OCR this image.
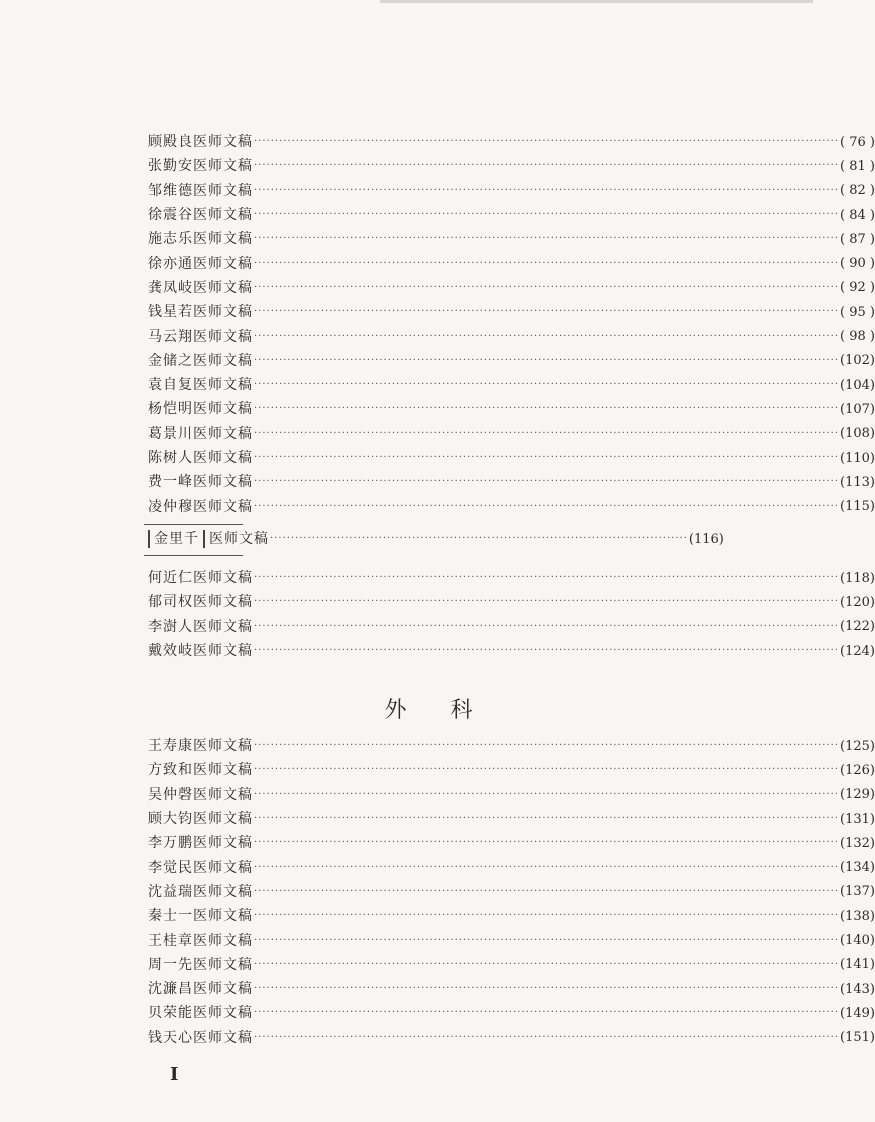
顾殿良医师文稿 ············································································································································ ( 76 )
张勤安医师文稿 ············································································································································ ( 81 )
邹维德医师文稿 ············································································································································ ( 82 )
徐震谷医师文稿 ············································································································································ ( 84 )
施志乐医师文稿 ············································································································································ ( 87 )
徐亦通医师文稿 ············································································································································ ( 90 )
龚凤岐医师文稿 ············································································································································ ( 92 )
钱星若医师文稿 ············································································································································ ( 95 )
马云翔医师文稿 ············································································································································ ( 98 )
金储之医师文稿 ············································································································································ (102)
袁自复医师文稿 ············································································································································ (104)
杨恺明医师文稿 ············································································································································ (107)
葛景川医师文稿 ············································································································································ (108)
陈树人医师文稿 ············································································································································ (110)
费一峰医师文稿 ············································································································································ (113)
凌仲穆医师文稿 ············································································································································ (115)
金里千 医师文稿 ···································································································· (116)
何近仁医师文稿 ············································································································································ (118)
郁司权医师文稿 ············································································································································ (120)
李澍人医师文稿 ············································································································································ (122)
戴效岐医师文稿 ············································································································································ (124)
外科
王寿康医师文稿 ············································································································································ (125)
方致和医师文稿 ············································································································································ (126)
吴仲磬医师文稿 ············································································································································ (129)
顾大钧医师文稿 ············································································································································ (131)
李万鹏医师文稿 ············································································································································ (132)
李觉民医师文稿 ············································································································································ (134)
沈益瑞医师文稿 ············································································································································ (137)
秦士一医师文稿 ············································································································································ (138)
王桂章医师文稿 ············································································································································ (140)
周一先医师文稿 ············································································································································ (141)
沈濂昌医师文稿 ············································································································································ (143)
贝荣能医师文稿 ············································································································································ (149)
钱天心医师文稿 ············································································································································ (151)
I
